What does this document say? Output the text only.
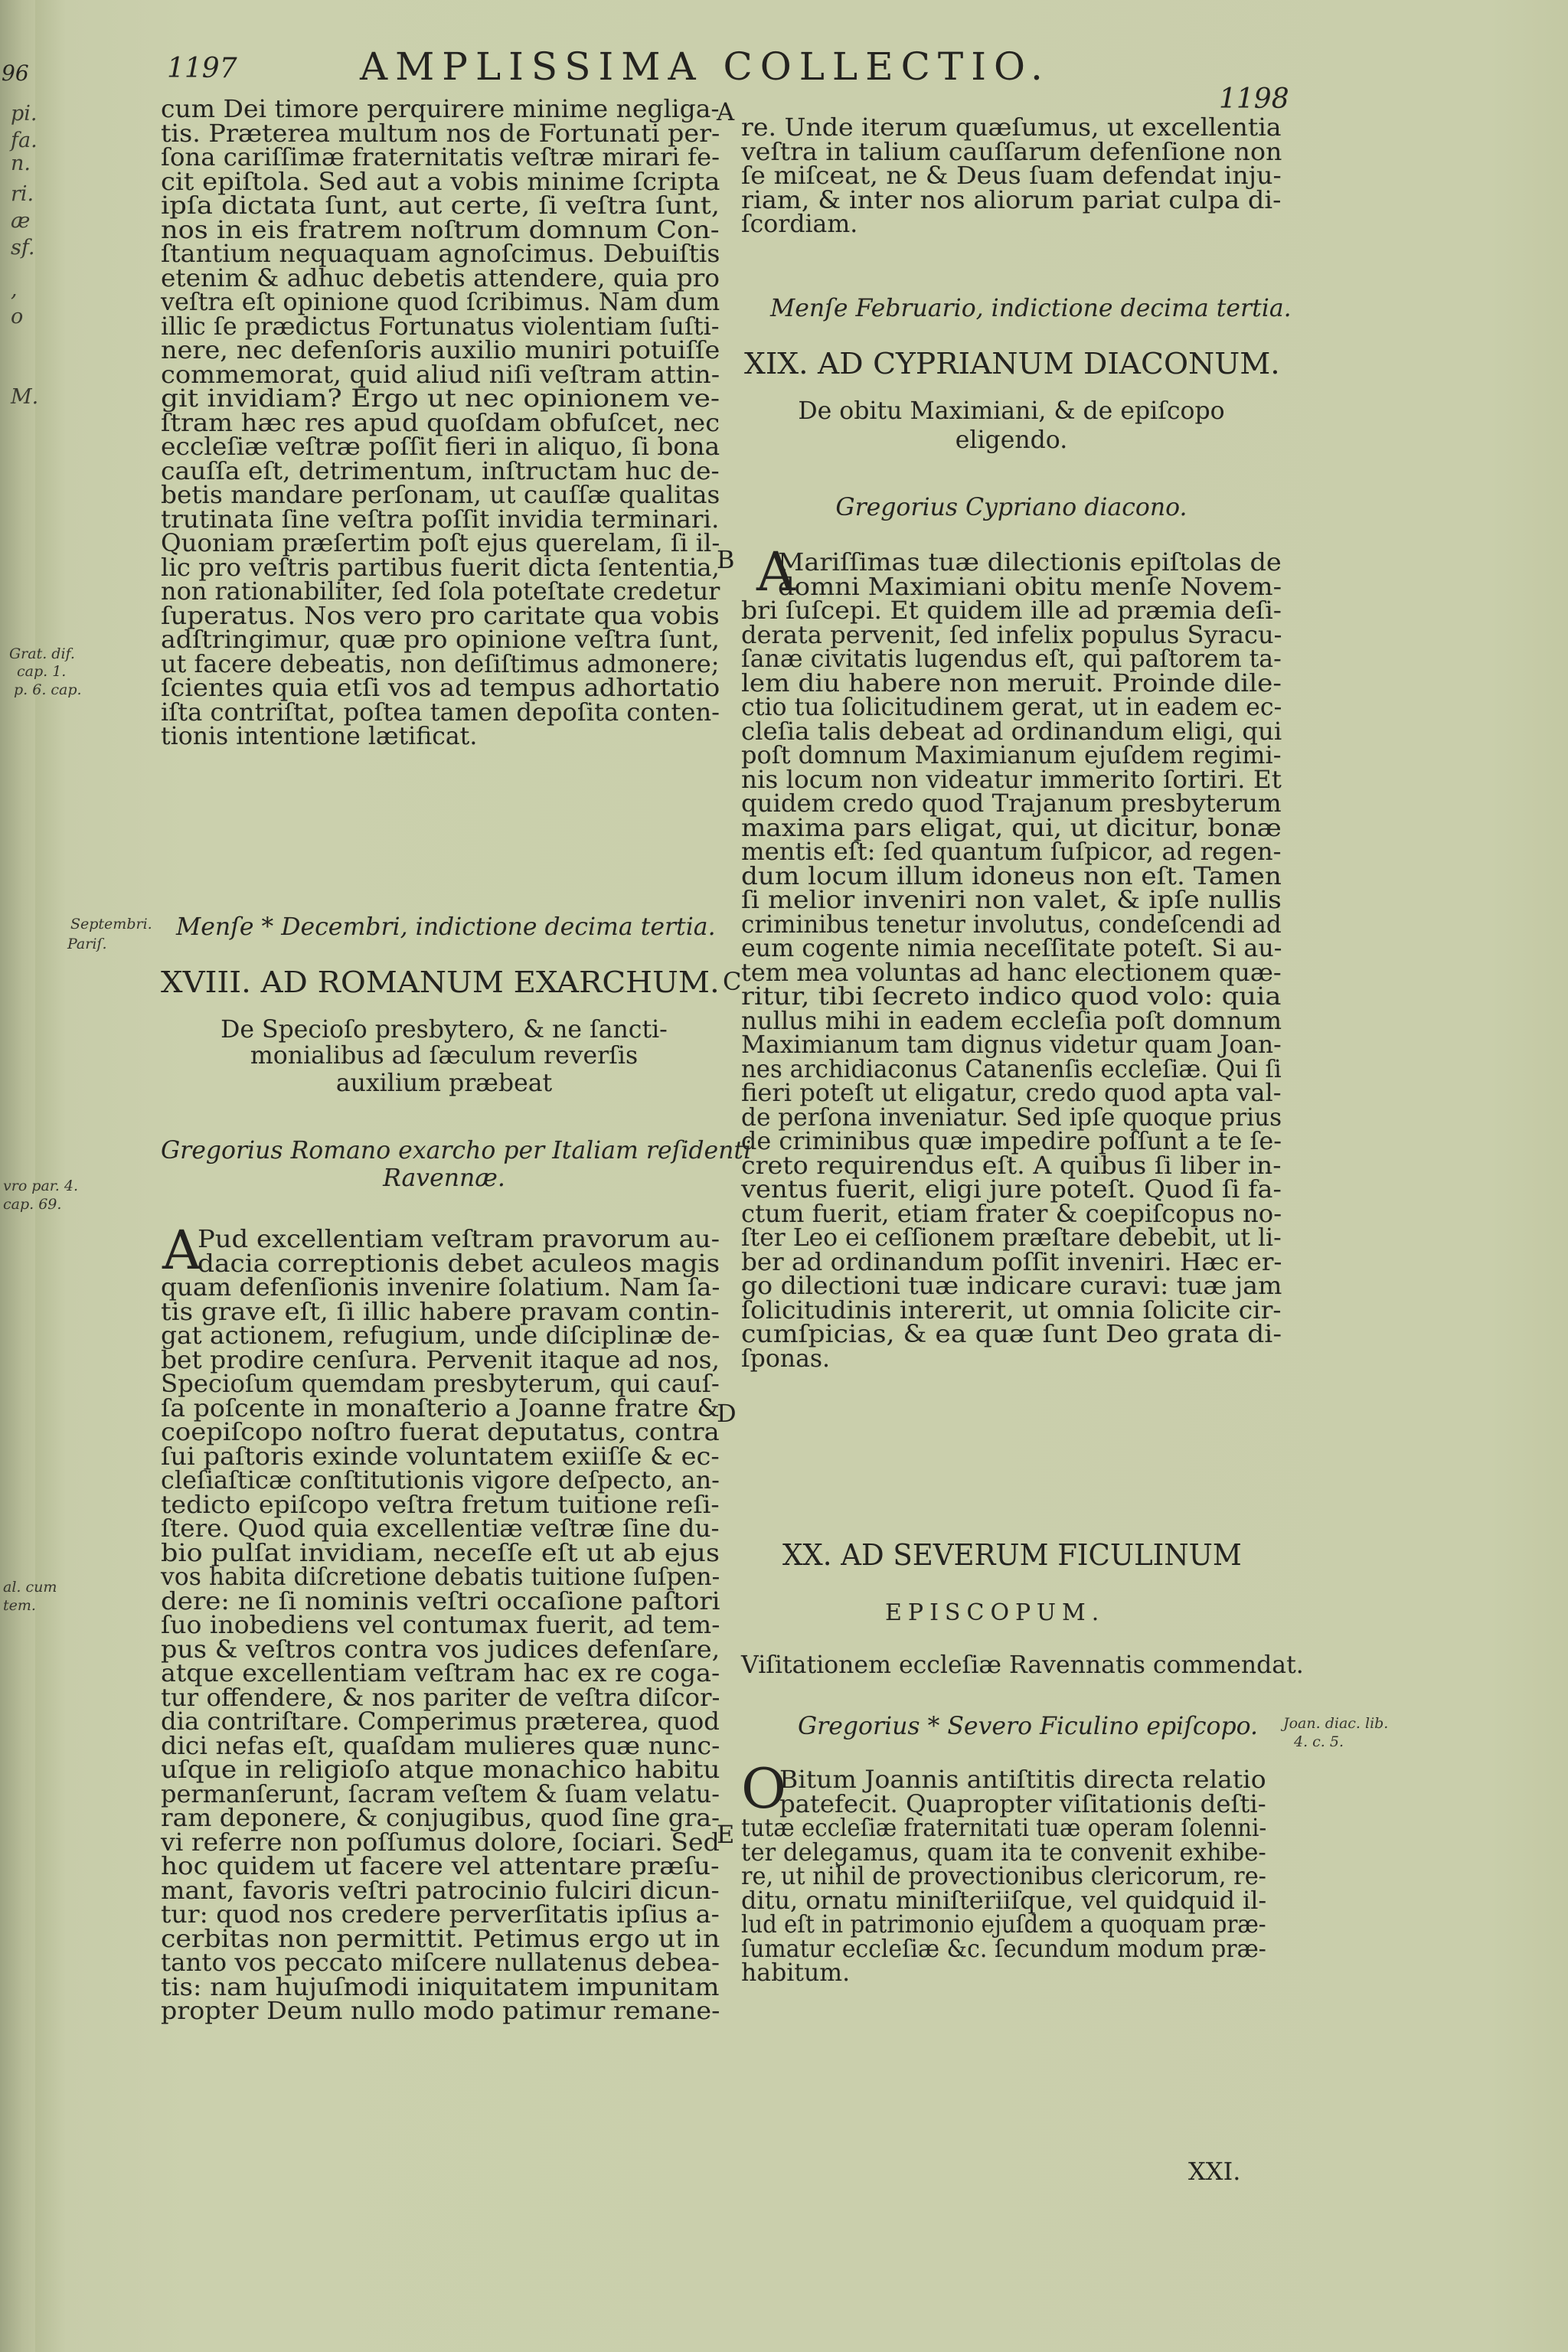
96
pi.
fa.
n.
ri.
æ
sf.
,
o
M.
1197	AMPLISSIMA COLLECTIO.
1198
cum Dei timore perquirere minime negliga-
tis. Præterea multum nos de Fortunati per-
ſona cariſſimæ fraternitatis veſtræ mirari fe-
cit epiſtola. Sed aut a vobis minime ſcripta
ipſa dictata ſunt, aut certe, ſi veſtra ſunt,
nos in eis fratrem noſtrum domnum Con-
ſtantium nequaquam agnoſcimus. Debuiſtis
etenim & adhuc debetis attendere, quia pro
veſtra eſt opinione quod ſcribimus. Nam dum
illic ſe prædictus Fortunatus violentiam ſuſti-
nere, nec defenſoris auxilio muniri potuiſſe
commemorat, quid aliud niſi veſtram attin-
git invidiam? Ergo ut nec opinionem ve-
ſtram hæc res apud quoſdam obfuſcet, nec
eccleſiæ veſtræ poſſit fieri in aliquo, ſi bona
cauſſa eſt, detrimentum, inſtructam huc de-
betis mandare perſonam, ut cauſſæ qualitas
trutinata ſine veſtra poſſit invidia terminari.
Quoniam præſertim poſt ejus querelam, ſi il-
lic pro veſtris partibus fuerit dicta ſententia,
non rationabiliter, ſed ſola poteſtate credetur
ſuperatus. Nos vero pro caritate qua vobis
adſtringimur, quæ pro opinione veſtra ſunt,
ut facere debeatis, non deſiſtimus admonere;
ſcientes quia etſi vos ad tempus adhortatio
iſta contriſtat, poſtea tamen depoſita conten-
tionis intentione lætificat.
Menſe * Decembri, indictione decima tertia.
XVIII. AD ROMANUM EXARCHUM.
De Specioſo presbytero, & ne ſancti-
monialibus ad ſæculum reverſis
auxilium præbeat
Gregorius Romano exarcho per Italiam reſidenti
Ravennæ.
A
Pud excellentiam veſtram pravorum au-
dacia correptionis debet aculeos magis
quam defenſionis invenire ſolatium. Nam ſa-
tis grave eſt, ſi illic habere pravam contin-
gat actionem, refugium, unde diſciplinæ de-
bet prodire cenſura. Pervenit itaque ad nos,
Specioſum quemdam presbyterum, qui cauſ-
ſa poſcente in monaſterio a Joanne fratre &
coepiſcopo noſtro fuerat deputatus, contra
ſui paſtoris exinde voluntatem exiiſſe & ec-
cleſiaſticæ conſtitutionis vigore deſpecto, an-
tedicto epiſcopo veſtra fretum tuitione reſi-
ſtere. Quod quia excellentiæ veſtræ ſine du-
bio pulſat invidiam, neceſſe eſt ut ab ejus
vos habita diſcretione debatis tuitione ſuſpen-
dere: ne ſi nominis veſtri occaſione paſtori
ſuo inobediens vel contumax fuerit, ad tem-
pus & veſtros contra vos judices defenſare,
atque excellentiam veſtram hac ex re coga-
tur offendere, & nos pariter de veſtra diſcor-
dia contriſtare. Comperimus præterea, quod
dici nefas eſt, quaſdam mulieres quæ nunc-
uſque in religioſo atque monachico habitu
permanſerunt, ſacram veſtem & ſuam velatu-
ram deponere, & conjugibus, quod ſine gra-
vi referre non poſſumus dolore, ſociari. Sed
hoc quidem ut facere vel attentare præſu-
mant, favoris veſtri patrocinio fulciri dicun-
tur: quod nos credere perverſitatis ipſius a-
cerbitas non permittit. Petimus ergo ut in
tanto vos peccato miſcere nullatenus debea-
tis: nam hujuſmodi iniquitatem impunitam
propter Deum nullo modo patimur remane-
re. Unde iterum quæſumus, ut excellentia
veſtra in talium cauſſarum defenſione non
ſe miſceat, ne & Deus ſuam defendat inju-
riam, & inter nos aliorum pariat culpa di-
ſcordiam.
Menſe Februario, indictione decima tertia.
XIX. AD CYPRIANUM DIACONUM.
De obitu Maximiani, & de epiſcopo
eligendo.
Gregorius Cypriano diacono.
A
Mariſſimas tuæ dilectionis epiſtolas de
domni Maximiani obitu menſe Novem-
bri ſuſcepi. Et quidem ille ad præmia deſi-
derata pervenit, ſed infelix populus Syracu-
ſanæ civitatis lugendus eſt, qui paſtorem ta-
lem diu habere non meruit. Proinde dile-
ctio tua ſolicitudinem gerat, ut in eadem ec-
cleſia talis debeat ad ordinandum eligi, qui
poſt domnum Maximianum ejuſdem regimi-
nis locum non videatur immerito ſortiri. Et
quidem credo quod Trajanum presbyterum
maxima pars eligat, qui, ut dicitur, bonæ
mentis eſt: ſed quantum ſuſpicor, ad regen-
dum locum illum idoneus non eſt. Tamen
ſi melior inveniri non valet, & ipſe nullis
criminibus tenetur involutus, condeſcendi ad
eum cogente nimia neceſſitate poteſt. Si au-
tem mea voluntas ad hanc electionem quæ-
ritur, tibi ſecreto indico quod volo: quia
nullus mihi in eadem eccleſia poſt domnum
Maximianum tam dignus videtur quam Joan-
nes archidiaconus Catanenſis eccleſiæ. Qui ſi
fieri poteſt ut eligatur, credo quod apta val-
de perſona inveniatur. Sed ipſe quoque prius
de criminibus quæ impedire poſſunt a te ſe-
creto requirendus eſt. A quibus ſi liber in-
ventus fuerit, eligi jure poteſt. Quod ſi fa-
ctum fuerit, etiam frater & coepiſcopus no-
ſter Leo ei ceſſionem præſtare debebit, ut li-
ber ad ordinandum poſſit inveniri. Hæc er-
go dilectioni tuæ indicare curavi: tuæ jam
ſolicitudinis intererit, ut omnia ſolicite cir-
cumſpicias, & ea quæ ſunt Deo grata di-
ſponas.
XX. AD SEVERUM FICULINUM
EPISCOPUM.
Viſitationem eccleſiæ Ravennatis commendat.
Gregorius * Severo Ficulino epiſcopo.
O
Bitum Joannis antiſtitis directa relatio
patefecit. Quapropter viſitationis deſti-
tutæ eccleſiæ fraternitati tuæ operam ſolenni-
ter delegamus, quam ita te convenit exhibe-
re, ut nihil de provectionibus clericorum, re-
ditu, ornatu miniſteriiſque, vel quidquid il-
lud eſt in patrimonio ejuſdem a quoquam præ-
ſumatur eccleſiæ &c. ſecundum modum præ-
habitum.
XXI.
A
B
C
D
E
Grat. dif.
cap. 1.
p. 6. cap.
Septembri.
Pariſ.
vro par. 4.
cap. 69.
al. cum
tem.
Joan. diac. lib.
4. c. 5.
